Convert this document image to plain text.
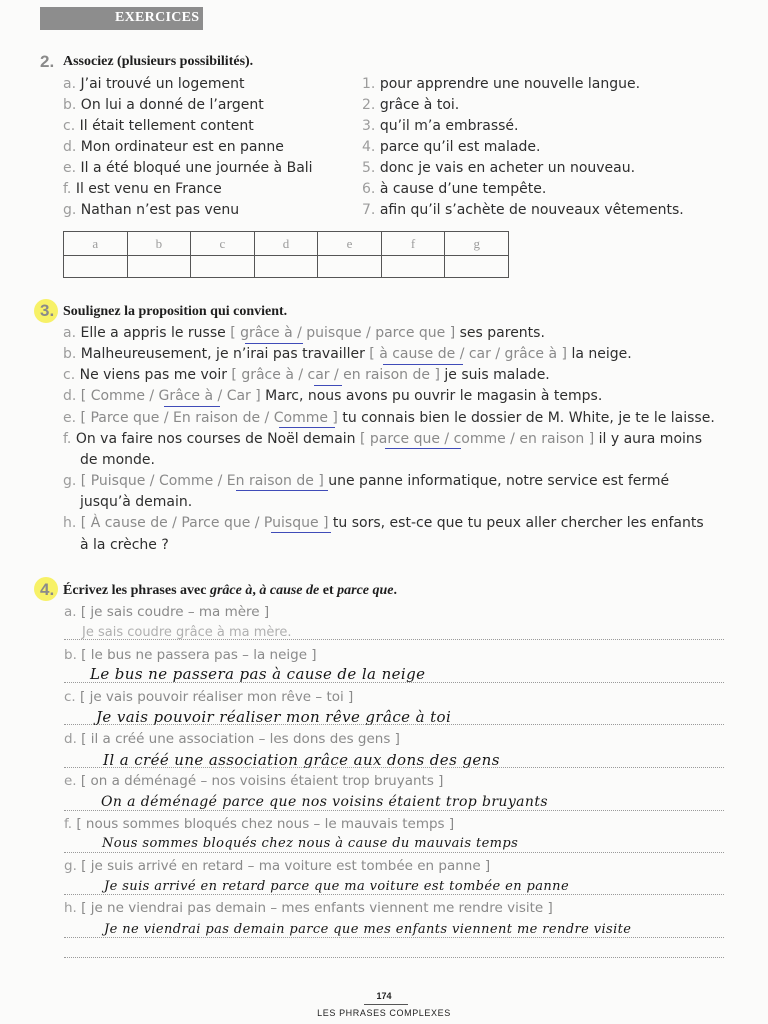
EXERCICES
2. Associez (plusieurs possibilités).
a. J’ai trouvé un logement
b. On lui a donné de l’argent
c. Il était tellement content
d. Mon ordinateur est en panne
e. Il a été bloqué une journée à Bali
f. Il est venu en France
g. Nathan n’est pas venu
1. pour apprendre une nouvelle langue.
2. grâce à toi.
3. qu’il m’a embrassé.
4. parce qu’il est malade.
5. donc je vais en acheter un nouveau.
6. à cause d’une tempête.
7. afin qu’il s’achète de nouveaux vêtements.
a	b	c	d	e	f	g

3. Soulignez la proposition qui convient.
a. Elle a appris le russe [ grâce à / puisque / parce que ] ses parents.
b. Malheureusement, je n’irai pas travailler [ à cause de / car / grâce à ] la neige.
c. Ne viens pas me voir [ grâce à / car / en raison de ] je suis malade.
d. [ Comme / Grâce à / Car ] Marc, nous avons pu ouvrir le magasin à temps.
e. [ Parce que / En raison de / Comme ] tu connais bien le dossier de M. White, je te le laisse.
f. On va faire nos courses de Noël demain [ parce que / comme / en raison ] il y aura moins
de monde.
g. [ Puisque / Comme / En raison de ] une panne informatique, notre service est fermé
jusqu’à demain.
h. [ À cause de / Parce que / Puisque ] tu sors, est-ce que tu peux aller chercher les enfants
à la crèche ?
4. Écrivez les phrases avec grâce à, à cause de et parce que.
a. [ je sais coudre – ma mère ]
Je sais coudre grâce à ma mère.
b. [ le bus ne passera pas – la neige ]
Le bus ne passera pas à cause de la neige
c. [ je vais pouvoir réaliser mon rêve – toi ]
Je vais pouvoir réaliser mon rêve grâce à toi
d. [ il a créé une association – les dons des gens ]
Il a créé une association grâce aux dons des gens
e. [ on a déménagé – nos voisins étaient trop bruyants ]
On a déménagé parce que nos voisins étaient trop bruyants
f. [ nous sommes bloqués chez nous – le mauvais temps ]
Nous sommes bloqués chez nous à cause du mauvais temps
g. [ je suis arrivé en retard – ma voiture est tombée en panne ]
Je suis arrivé en retard parce que ma voiture est tombée en panne
h. [ je ne viendrai pas demain – mes enfants viennent me rendre visite ]
Je ne viendrai pas demain parce que mes enfants viennent me rendre visite
174
LES PHRASES COMPLEXES
